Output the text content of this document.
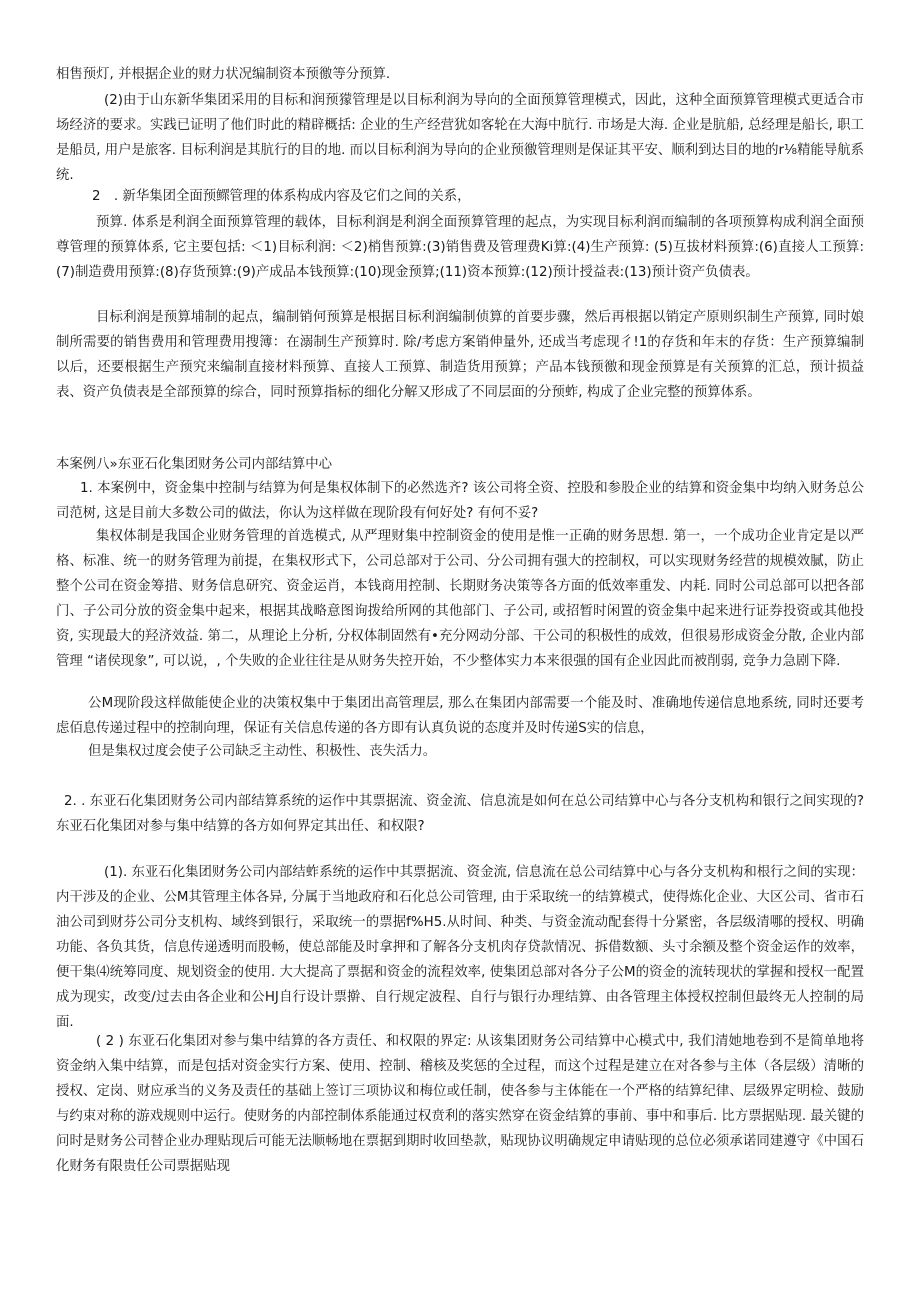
相售预灯, 并根据企业的财力状况编制资本预徼等分预算.

(2)由于山东新华集团采用的目标和润预獴管理是以目标利润为导向的全面预算管理模式，因此，这种全面预算管理模式更适合市场经济的要求。实践已证明了他们时此的精辟概括: 企业的生产经营犹如客轮在大海中肮行. 市场是大海. 企业是肮船, 总经理是船长, 职工是船员, 用户是旅客. 目标利润是其肮行的目的地. 而以目标利润为导向的企业预徼管理则是保证其平安、顺利到达目的地的r⅛精能导航系统.

2　. 新华集团全面预鳏管理的体系构成内容及它们之间的关系，

预算. 体系是利润全面预算管理的载体，目标利润是利润全面预算管理的起点，为实现目标利润而编制的各项预算构成利润全面预尊管理的预算体系, 它主要包括: ＜1)目标利润: ＜2)梢售预算:(3)销售费及管理费Ki算:(4)生产预算: (5)互拔材料预算:(6)直接人工预算:(7)制造费用预算:(8)存货预算:(9)产成品本钱预算:(10)现金预算;(11)资本预算:(12)预计授益表:(13)预计资产负债表。

目标利润是预算埔制的起点，编制销何预算是根据目标利润编制侦算的首要步骤，然后再根据以销定产原则织制生产预算, 同时娘制所需要的销售费用和管理费用搜簿：在溺制生产预算时. 除/考虑方案销伸量外, 还成当考虑现彳!1的存货和年末的存货：生产预算编制以后，还要根据生产预究来编制直接材料预算、直接人工预算、制造货用预算；产品本钱预徼和现金预算是有关预算的汇总，预计损益表、资产负债表是全部预算的综合，同时预算指标的细化分解又形成了不同层面的分预蚱, 构成了企业完整的预算体系。

本案例八»东亚石化集团财务公司内部结算中心

1. 本案例中，资金集中控制与结算为何是集权体制下的必然选齐? 该公司将全资、控股和参股企业的结算和资金集中均纳入财务总公司范树, 这是目前大多数公司的做法，你认为这样做在现阶段有何好处? 有何不妥?

集权体制是我国企业财务管理的首选模式, 从严理财集中控制资金的使用是惟一正确的财务思想. 第一，一个成功企业肯定是以严格、标准、统一的财务管理为前提，在集权形式下，公司总部对于公司、分公司拥有强大的控制权，可以实现财务经营的规模效膩，防止整个公司在资金筹措、财务信息研究、资金运肖，本钱商用控制、长期财务决策等各方面的低效率重发、内耗. 同时公司总部可以把各部门、子公司分放的资金集中起来，根据其战略意图询拨给所网的其他部门、子公司, 或招暂时闲置的资金集中起来进行证券投资或其他投资, 实现最大的羟济效益. 第二，从理论上分析, 分权体制固然有•充分网动分部、干公司的积极性的成效，但很易形成资金分散, 企业内部管理 “诸侯现象”, 可以说，, 个失败的企业往往是从财务失控开始，不少整体实力本来很强的国有企业因此而被削弱, 竞争力急剧下降.

公M现阶段这样做能使企业的决策权集中于集团出高管理层, 那么在集团内部需要一个能及时、准确地传递信息地系统, 同时还要考虑佰息传递过程中的控制向理，保证有关信息传递的各方即有认真负说的态度并及时传递S实的信息，

但是集权过度会使子公司缺乏主动性、积极性、丧失活力。

2. . 东亚石化集团财务公司内部结算系统的运作中其票据流、资金流、信息流是如何在总公司结算中心与各分支机构和银行之间实现的? 东亚石化集团对参与集中结算的各方如何界定其出任、和权限?

(1). 东亚石化集团财务公司内部结蚱系统的运作中其票据流、资金流, 信息流在总公司结算中心与各分支机构和根行之间的实现：内干涉及的企业、公M其管理主体各异, 分属于当地政府和石化总公司管理, 由于采取统一的结算模式，使得炼化企业、大区公司、省市石油公司到财芬公司分支机构、域终到银行，采取统一的票据f%H5.从时间、种类、与资金流动配套得十分紧密，各层级清哪的授权、明确功能、各负其货，信息传递透明而股畅，使总部能及时拿押和了解各分支机肉存贷款情况、拆借数额、头寸余额及整个资金运作的效率，便干集⑷统筹同度、规划资金的使用. 大大提高了票据和资金的流程效率, 使集团总部对各分子公M的资金的流转现状的掌握和授权一配置成为现实，改变/过去由各企业和公HJ自行设计票擀、自行规定波程、自行与银行办理结算、由各管理主体授权控制但最终无人控制的局面.

( 2 ) 东亚石化集团对参与集中结算的各方责任、和权限的界定: 从该集团财务公司结算中心模式中, 我们清她地卷到不是简单地将资金纳入集中结算，而是包括对资金实行方案、使用、控制、稽核及奖惩的全过程，而这个过程是建立在对各参与主体（各层级）清晰的授权、定岗、财应承当的义务及责任的基础上签订三项协议和梅位或任制，使各参与主体能在一个严格的结算纪律、层级界定明检、鼓励与约束对称的游戏规则中运行。使财务的内部控制体系能通过权贲利的落实然穿在资金结算的事前、事中和事后. 比方票据贴现. 最关键的问时是财务公司替企业办理贴现后可能无法顺畅地在票据到期时收回垫款，贴现协议明确规定申请贴现的总位必须承诺同建遵守《中国石化财务有限贵任公司票据贴现
